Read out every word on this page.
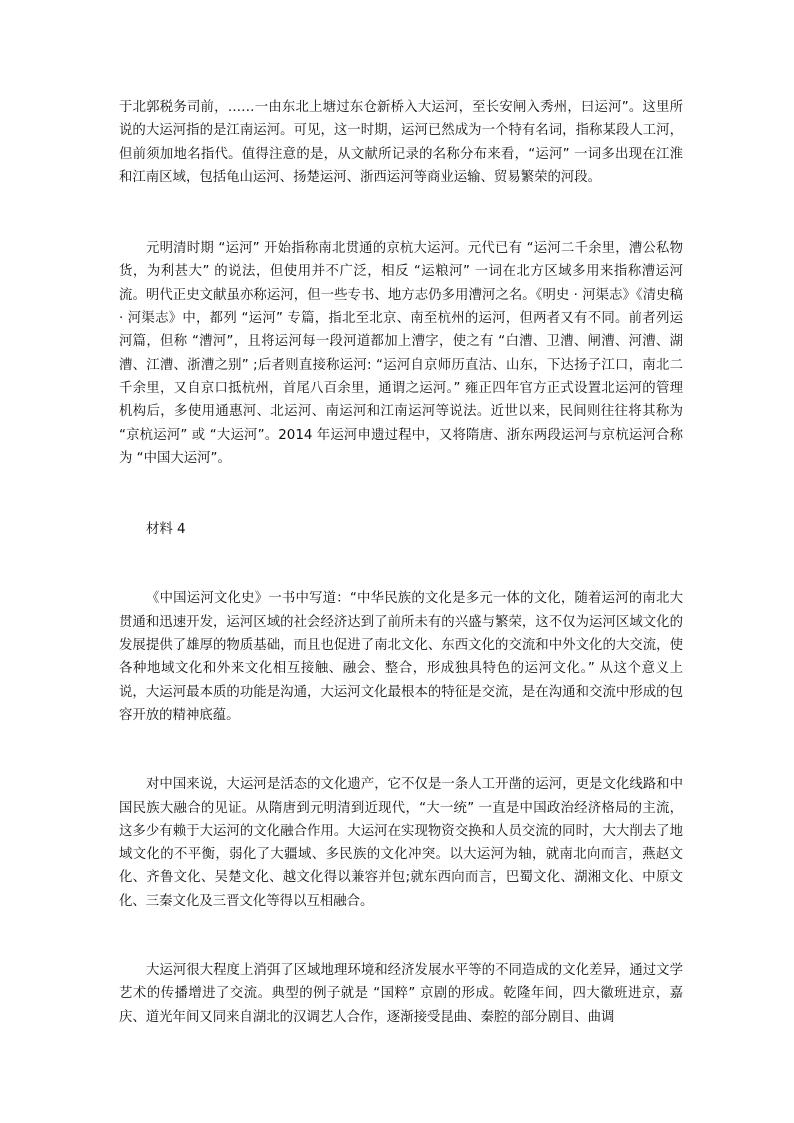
于北郭税务司前，……一由东北上塘过东仓新桥入大运河，至长安闸入秀州，曰运河”。这里所说的大运河指的是江南运河。可见，这一时期，运河已然成为一个特有名词，指称某段人工河，但前须加地名指代。值得注意的是，从文献所记录的名称分布来看，“运河” 一词多出现在江淮和江南区域，包括龟山运河、扬楚运河、浙西运河等商业运输、贸易繁荣的河段。

元明清时期 “运河” 开始指称南北贯通的京杭大运河。元代已有 “运河二千余里，漕公私物货，为利甚大” 的说法，但使用并不广泛，相反 “运粮河” 一词在北方区域多用来指称漕运河流。明代正史文献虽亦称运河，但一些专书、地方志仍多用漕河之名。《明史 · 河渠志》《清史稿 · 河渠志》中，都列 “运河” 专篇，指北至北京、南至杭州的运河，但两者又有不同。前者列运河篇，但称 “漕河”，且将运河每一段河道都加上漕字，使之有 “白漕、卫漕、闸漕、河漕、湖漕、江漕、浙漕之别” ;后者则直接称运河: “运河自京师历直沽、山东，下达扬子江口，南北二千余里，又自京口抵杭州，首尾八百余里，通谓之运河。” 雍正四年官方正式设置北运河的管理机构后，多使用通惠河、北运河、南运河和江南运河等说法。近世以来，民间则往往将其称为 “京杭运河” 或 “大运河”。2014 年运河申遗过程中，又将隋唐、浙东两段运河与京杭运河合称为 “中国大运河”。

材料 4

《中国运河文化史》一书中写道：“中华民族的文化是多元一体的文化，随着运河的南北大贯通和迅速开发，运河区域的社会经济达到了前所未有的兴盛与繁荣，这不仅为运河区域文化的发展提供了雄厚的物质基础，而且也促进了南北文化、东西文化的交流和中外文化的大交流，使各种地域文化和外来文化相互接触、融会、整合，形成独具特色的运河文化。” 从这个意义上说，大运河最本质的功能是沟通，大运河文化最根本的特征是交流，是在沟通和交流中形成的包容开放的精神底蕴。

对中国来说，大运河是活态的文化遗产，它不仅是一条人工开凿的运河，更是文化线路和中国民族大融合的见证。从隋唐到元明清到近现代，“大一统” 一直是中国政治经济格局的主流，这多少有赖于大运河的文化融合作用。大运河在实现物资交换和人员交流的同时，大大削去了地域文化的不平衡，弱化了大疆域、多民族的文化冲突。以大运河为轴，就南北向而言，燕赵文化、齐鲁文化、吴楚文化、越文化得以兼容并包;就东西向而言，巴蜀文化、湖湘文化、中原文化、三秦文化及三晋文化等得以互相融合。

大运河很大程度上消弭了区域地理环境和经济发展水平等的不同造成的文化差异，通过文学艺术的传播增进了交流。典型的例子就是 “国粹” 京剧的形成。乾隆年间，四大徽班进京，嘉庆、道光年间又同来自湖北的汉调艺人合作，逐渐接受昆曲、秦腔的部分剧目、曲调
